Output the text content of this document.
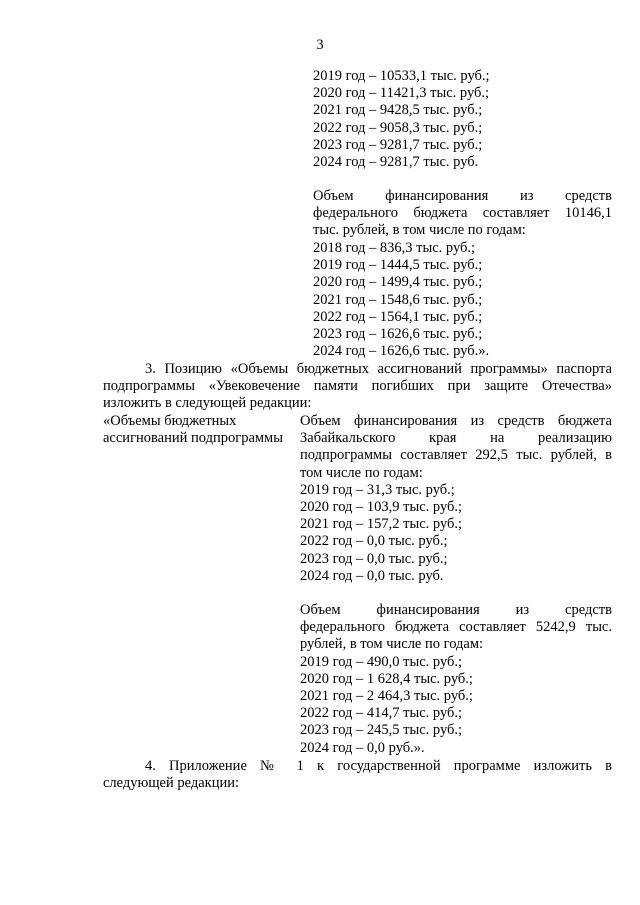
3
2019 год – 10533,1 тыс. руб.;
2020 год – 11421,3 тыс. руб.;
2021 год – 9428,5 тыс. руб.;
2022 год – 9058,3 тыс. руб.;
2023 год – 9281,7 тыс. руб.;
2024 год – 9281,7 тыс. руб.
Объем финансирования из средств
федерального бюджета составляет 10146,1
тыс. рублей, в том числе по годам:
2018 год – 836,3 тыс. руб.;
2019 год – 1444,5 тыс. руб.;
2020 год – 1499,4 тыс. руб.;
2021 год – 1548,6 тыс. руб.;
2022 год – 1564,1 тыс. руб.;
2023 год – 1626,6 тыс. руб.;
2024 год – 1626,6 тыс. руб.».
3. Позицию «Объемы бюджетных ассигнований программы» паспорта
подпрограммы «Увековечение памяти погибших при защите Отечества»
изложить в следующей редакции:
«Объемы бюджетных
ассигнований подпрограммы
Объем финансирования из средств бюджета
Забайкальского края на реализацию
подпрограммы составляет 292,5 тыс. рублей, в
том числе по годам:
2019 год – 31,3 тыс. руб.;
2020 год – 103,9 тыс. руб.;
2021 год – 157,2 тыс. руб.;
2022 год – 0,0 тыс. руб.;
2023 год – 0,0 тыс. руб.;
2024 год – 0,0 тыс. руб.
Объем финансирования из средств
федерального бюджета составляет 5242,9 тыс.
рублей, в том числе по годам:
2019 год – 490,0 тыс. руб.;
2020 год – 1 628,4 тыс. руб.;
2021 год – 2 464,3 тыс. руб.;
2022 год – 414,7 тыс. руб.;
2023 год – 245,5 тыс. руб.;
2024 год – 0,0 руб.».
4. Приложение № 1 к государственной программе изложить в
следующей редакции:
